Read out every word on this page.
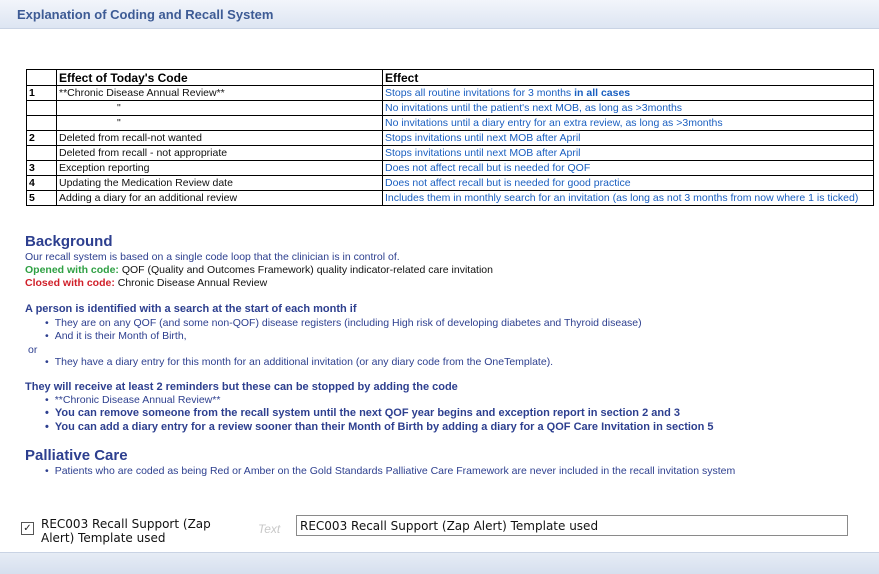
Explanation of Coding and Recall System
	Effect of Today's Code	Effect
1	**Chronic Disease Annual Review**	Stops all routine invitations for 3 months in all cases
	"	No invitations until the patient's next MOB, as long as >3months
	"	No invitations until a diary entry for an extra review, as long as >3months
2	Deleted from recall-not wanted	Stops invitations until next MOB after April
	Deleted from recall - not appropriate	Stops invitations until next MOB after April
3	Exception reporting	Does not affect recall but is needed for QOF
4	Updating the Medication Review date	Does not affect recall but is needed for good practice
5	Adding a diary for an additional review	Includes them in monthly search for an invitation (as long as not 3 months from now where 1 is ticked)
Background
Our recall system is based on a single code loop that the clinician is in control of.
Opened with code: QOF (Quality and Outcomes Framework) quality indicator-related care invitation
Closed with code: Chronic Disease Annual Review
A person is identified with a search at the start of each month if
• They are on any QOF (and some non-QOF) disease registers (including High risk of developing diabetes and Thyroid disease)
• And it is their Month of Birth,
or
• They have a diary entry for this month for an additional invitation (or any diary code from the OneTemplate).
They will receive at least 2 reminders but these can be stopped by adding the code
• **Chronic Disease Annual Review**
• You can remove someone from the recall system until the next QOF year begins and exception report in section 2 and 3
• You can add a diary entry for a review sooner than their Month of Birth by adding a diary for a QOF Care Invitation in section 5
Palliative Care
• Patients who are coded as being Red or Amber on the Gold Standards Palliative Care Framework are never included in the recall invitation system
✓ REC003 Recall Support (Zap Alert) Template used
Text	REC003 Recall Support (Zap Alert) Template used
